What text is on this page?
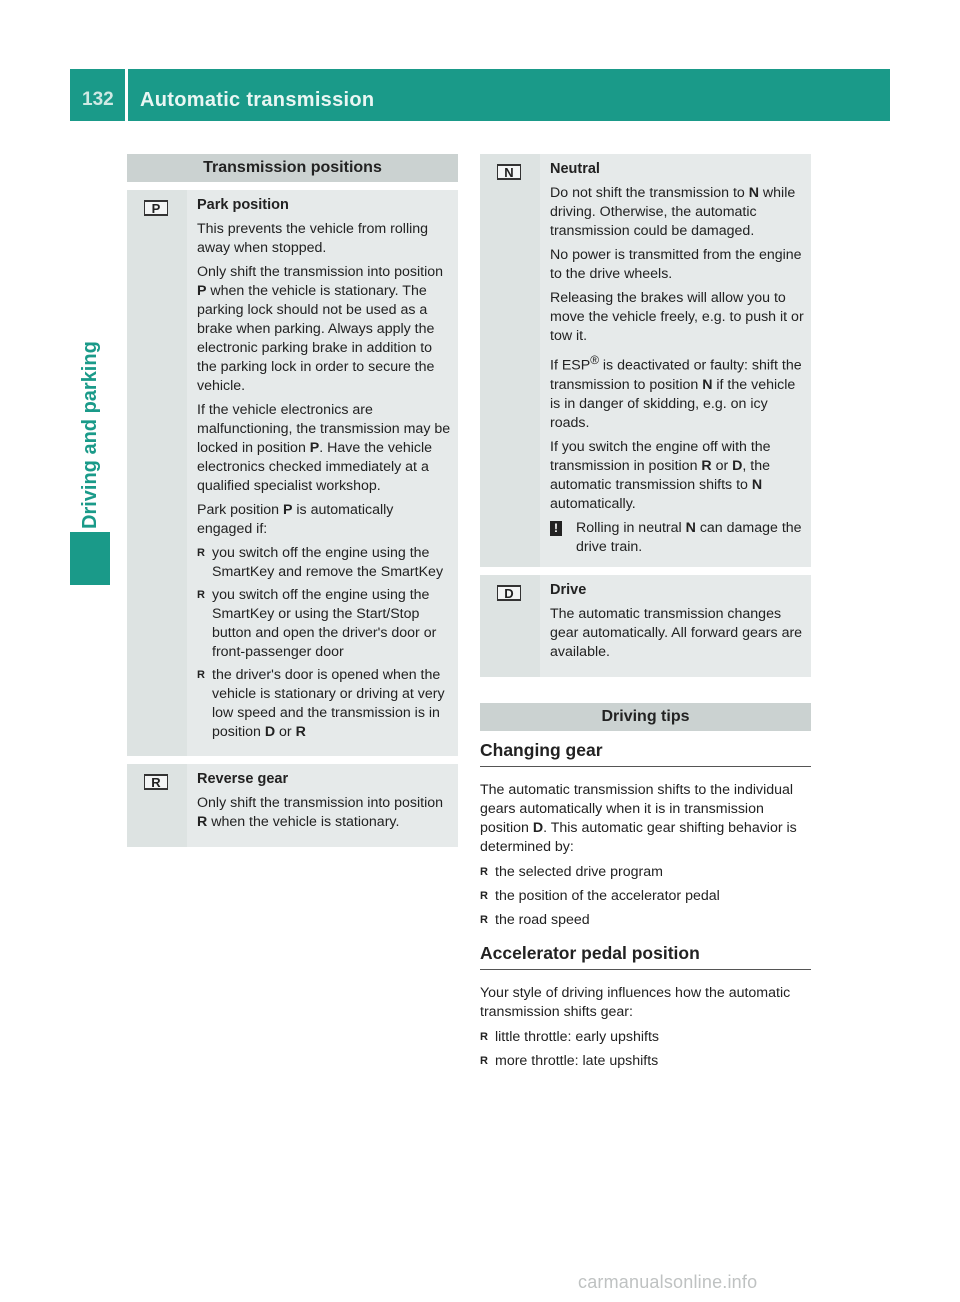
132 Automatic transmission
Driving and parking
Transmission positions
P	Park position

This prevents the vehicle from rolling away when stopped.

Only shift the transmission into position P when the vehicle is stationary. The parking lock should not be used as a brake when parking. Always apply the electronic parking brake in addition to the parking lock in order to secure the vehicle.

If the vehicle electronics are malfunctioning, the transmission may be locked in position P. Have the vehicle electronics checked immediately at a qualified specialist workshop.

Park position P is automatically engaged if:

R you switch off the engine using the SmartKey and remove the SmartKey
R you switch off the engine using the SmartKey or using the Start/Stop button and open the driver's door or front-passenger door
R the driver's door is opened when the vehicle is stationary or driving at very low speed and the transmission is in position D or R
R	Reverse gear

Only shift the transmission into position R when the vehicle is stationary.

N	Neutral

Do not shift the transmission to N while driving. Otherwise, the automatic transmission could be damaged.

No power is transmitted from the engine to the drive wheels.

Releasing the brakes will allow you to move the vehicle freely, e.g. to push it or tow it.

If ESP® is deactivated or faulty: shift the transmission to position N if the vehicle is in danger of skidding, e.g. on icy roads.

If you switch the engine off with the transmission in position R or D, the automatic transmission shifts to N automatically.

!	Rolling in neutral N can damage the drive train.
D	Drive

The automatic transmission changes gear automatically. All forward gears are available.

Driving tips
Changing gear

The automatic transmission shifts to the individual gears automatically when it is in transmission position D. This automatic gear shifting behavior is determined by:

R the selected drive program
R the position of the accelerator pedal
R the road speed
Accelerator pedal position

Your style of driving influences how the automatic transmission shifts gear:

R little throttle: early upshifts
R more throttle: late upshifts
carmanualsonline.info
